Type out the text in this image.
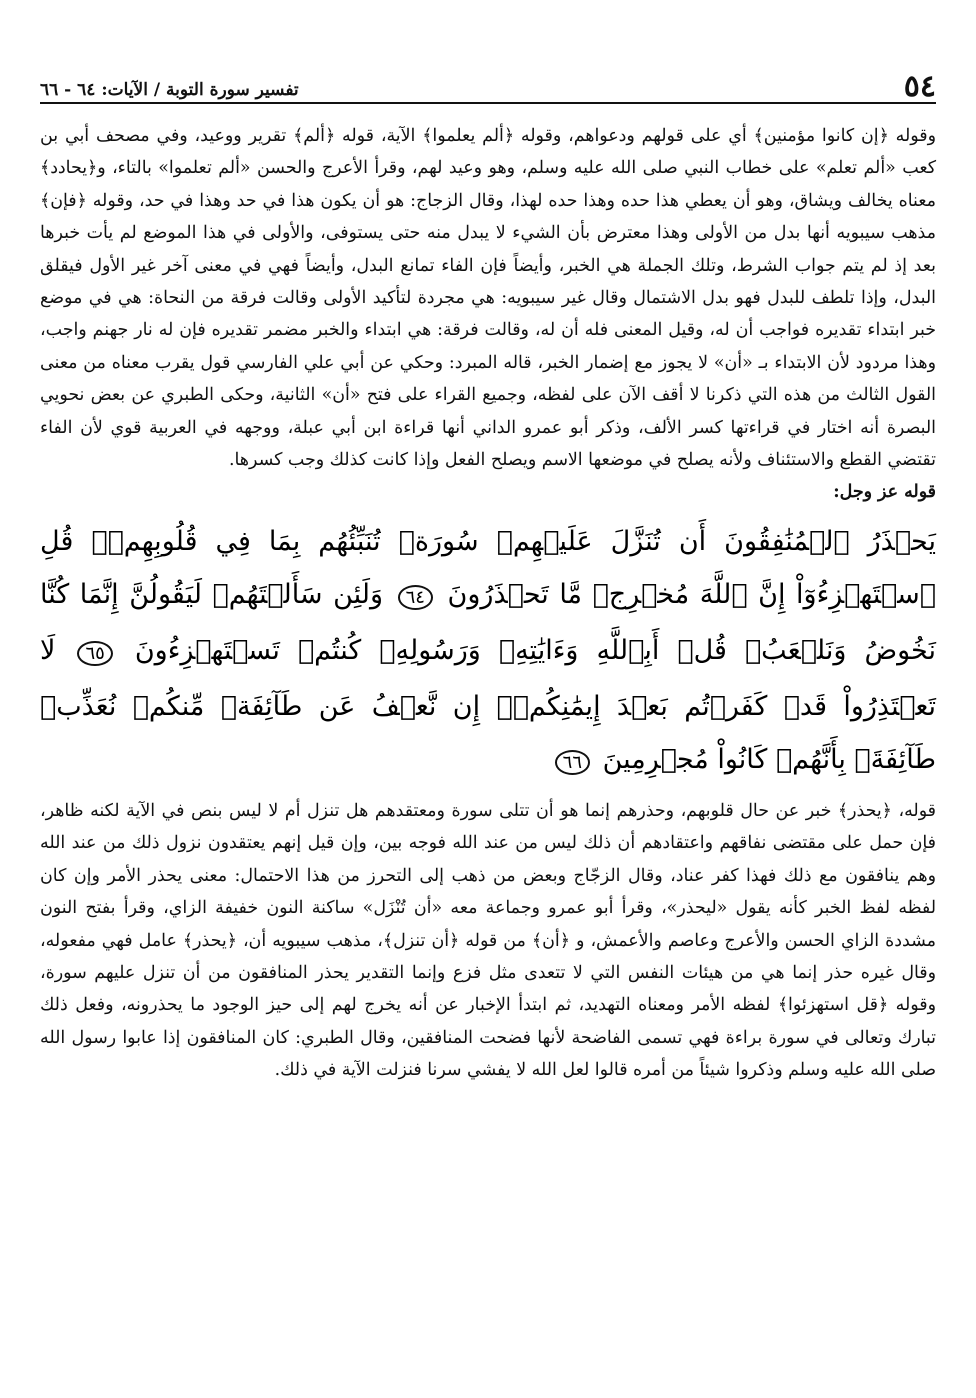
٥٤
تفسير سورة التوبة / الآيات: ٦٤ - ٦٦

وقوله ﴿إن كانوا مؤمنين﴾ أي على قولهم ودعواهم، وقوله ﴿ألم يعلموا﴾ الآية، قوله ﴿ألم﴾ تقرير ووعيد، وفي مصحف أبي بن كعب «ألم تعلم» على خطاب النبي صلى الله عليه وسلم، وهو وعيد لهم، وقرأ الأعرج والحسن «ألم تعلموا» بالتاء، و﴿يحادد﴾ معناه يخالف ويشاق، وهو أن يعطي هذا حده وهذا حده لهذا، وقال الزجاج: هو أن يكون هذا في حد وهذا في حد، وقوله ﴿فإن﴾ مذهب سيبويه أنها بدل من الأولى وهذا معترض بأن الشيء لا يبدل منه حتى يستوفى، والأولى في هذا الموضع لم يأت خبرها بعد إذ لم يتم جواب الشرط، وتلك الجملة هي الخبر، وأيضاً فإن الفاء تمانع البدل، وأيضاً فهي في معنى آخر غير الأول فيقلق البدل، وإذا تلطف للبدل فهو بدل الاشتمال وقال غير سيبويه: هي مجردة لتأكيد الأولى وقالت فرقة من النحاة: هي في موضع خبر ابتداء تقديره فواجب أن له، وقيل المعنى فله أن له، وقالت فرقة: هي ابتداء والخبر مضمر تقديره فإن له نار جهنم واجب، وهذا مردود لأن الابتداء بـ «أن» لا يجوز مع إضمار الخبر، قاله المبرد: وحكي عن أبي علي الفارسي قول يقرب معناه من معنى القول الثالث من هذه التي ذكرنا لا أقف الآن على لفظه، وجميع القراء على فتح «أن» الثانية، وحكى الطبري عن بعض نحويي البصرة أنه اختار في قراءتها كسر الألف، وذكر أبو عمرو الداني أنها قراءة ابن أبي عبلة، ووجهه في العربية قوي لأن الفاء تقتضي القطع والاستئناف ولأنه يصلح في موضعها الاسم ويصلح الفعل وإذا كانت كذلك وجب كسرها.

قوله عز وجل:

يَحۡذَرُ ٱلۡمُنَٰفِقُونَ أَن تُنَزَّلَ عَلَيۡهِمۡ سُورَةٞ تُنَبِّئُهُم بِمَا فِي قُلُوبِهِمۡۚ قُلِ ٱسۡتَهۡزِءُوٓاْ إِنَّ ٱللَّهَ مُخۡرِجٞ مَّا تَحۡذَرُونَ ٦٤ وَلَئِن سَأَلۡتَهُمۡ لَيَقُولُنَّ إِنَّمَا كُنَّا نَخُوضُ وَنَلۡعَبُۚ قُلۡ أَبِٱللَّهِ وَءَايَٰتِهِۦ وَرَسُولِهِۦ كُنتُمۡ تَسۡتَهۡزِءُونَ ٦٥ لَا تَعۡتَذِرُواْ قَدۡ كَفَرۡتُم بَعۡدَ إِيمَٰنِكُمۡۚ إِن نَّعۡفُ عَن طَآئِفَةٖ مِّنكُمۡ نُعَذِّبۡ طَآئِفَةَۢ بِأَنَّهُمۡ كَانُواْ مُجۡرِمِينَ ٦٦

قوله، ﴿يحذر﴾ خبر عن حال قلوبهم، وحذرهم إنما هو أن تتلى سورة ومعتقدهم هل تنزل أم لا ليس بنص في الآية لكنه ظاهر، فإن حمل على مقتضى نفاقهم واعتقادهم أن ذلك ليس من عند الله فوجه بين، وإن قيل إنهم يعتقدون نزول ذلك من عند الله وهم ينافقون مع ذلك فهذا كفر عناد، وقال الزجّاج وبعض من ذهب إلى التحرز من هذا الاحتمال: معنى يحذر الأمر وإن كان لفظه لفظ الخبر كأنه يقول «ليحذر»، وقرأ أبو عمرو وجماعة معه «أن تُنْزَل» ساكنة النون خفيفة الزاي، وقرأ بفتح النون مشددة الزاي الحسن والأعرج وعاصم والأعمش، و ﴿أن﴾ من قوله ﴿أن تنزل﴾، مذهب سيبويه أن، ﴿يحذر﴾ عامل فهي مفعوله، وقال غيره حذر إنما هي من هيئات النفس التي لا تتعدى مثل فزع وإنما التقدير يحذر المنافقون من أن تنزل عليهم سورة، وقوله ﴿قل استهزئوا﴾ لفظه الأمر ومعناه التهديد، ثم ابتدأ الإخبار عن أنه يخرج لهم إلى حيز الوجود ما يحذرونه، وفعل ذلك تبارك وتعالى في سورة براءة فهي تسمى الفاضحة لأنها فضحت المنافقين، وقال الطبري: كان المنافقون إذا عابوا رسول الله صلى الله عليه وسلم وذكروا شيئاً من أمره قالوا لعل الله لا يفشي سرنا فنزلت الآية في ذلك.
